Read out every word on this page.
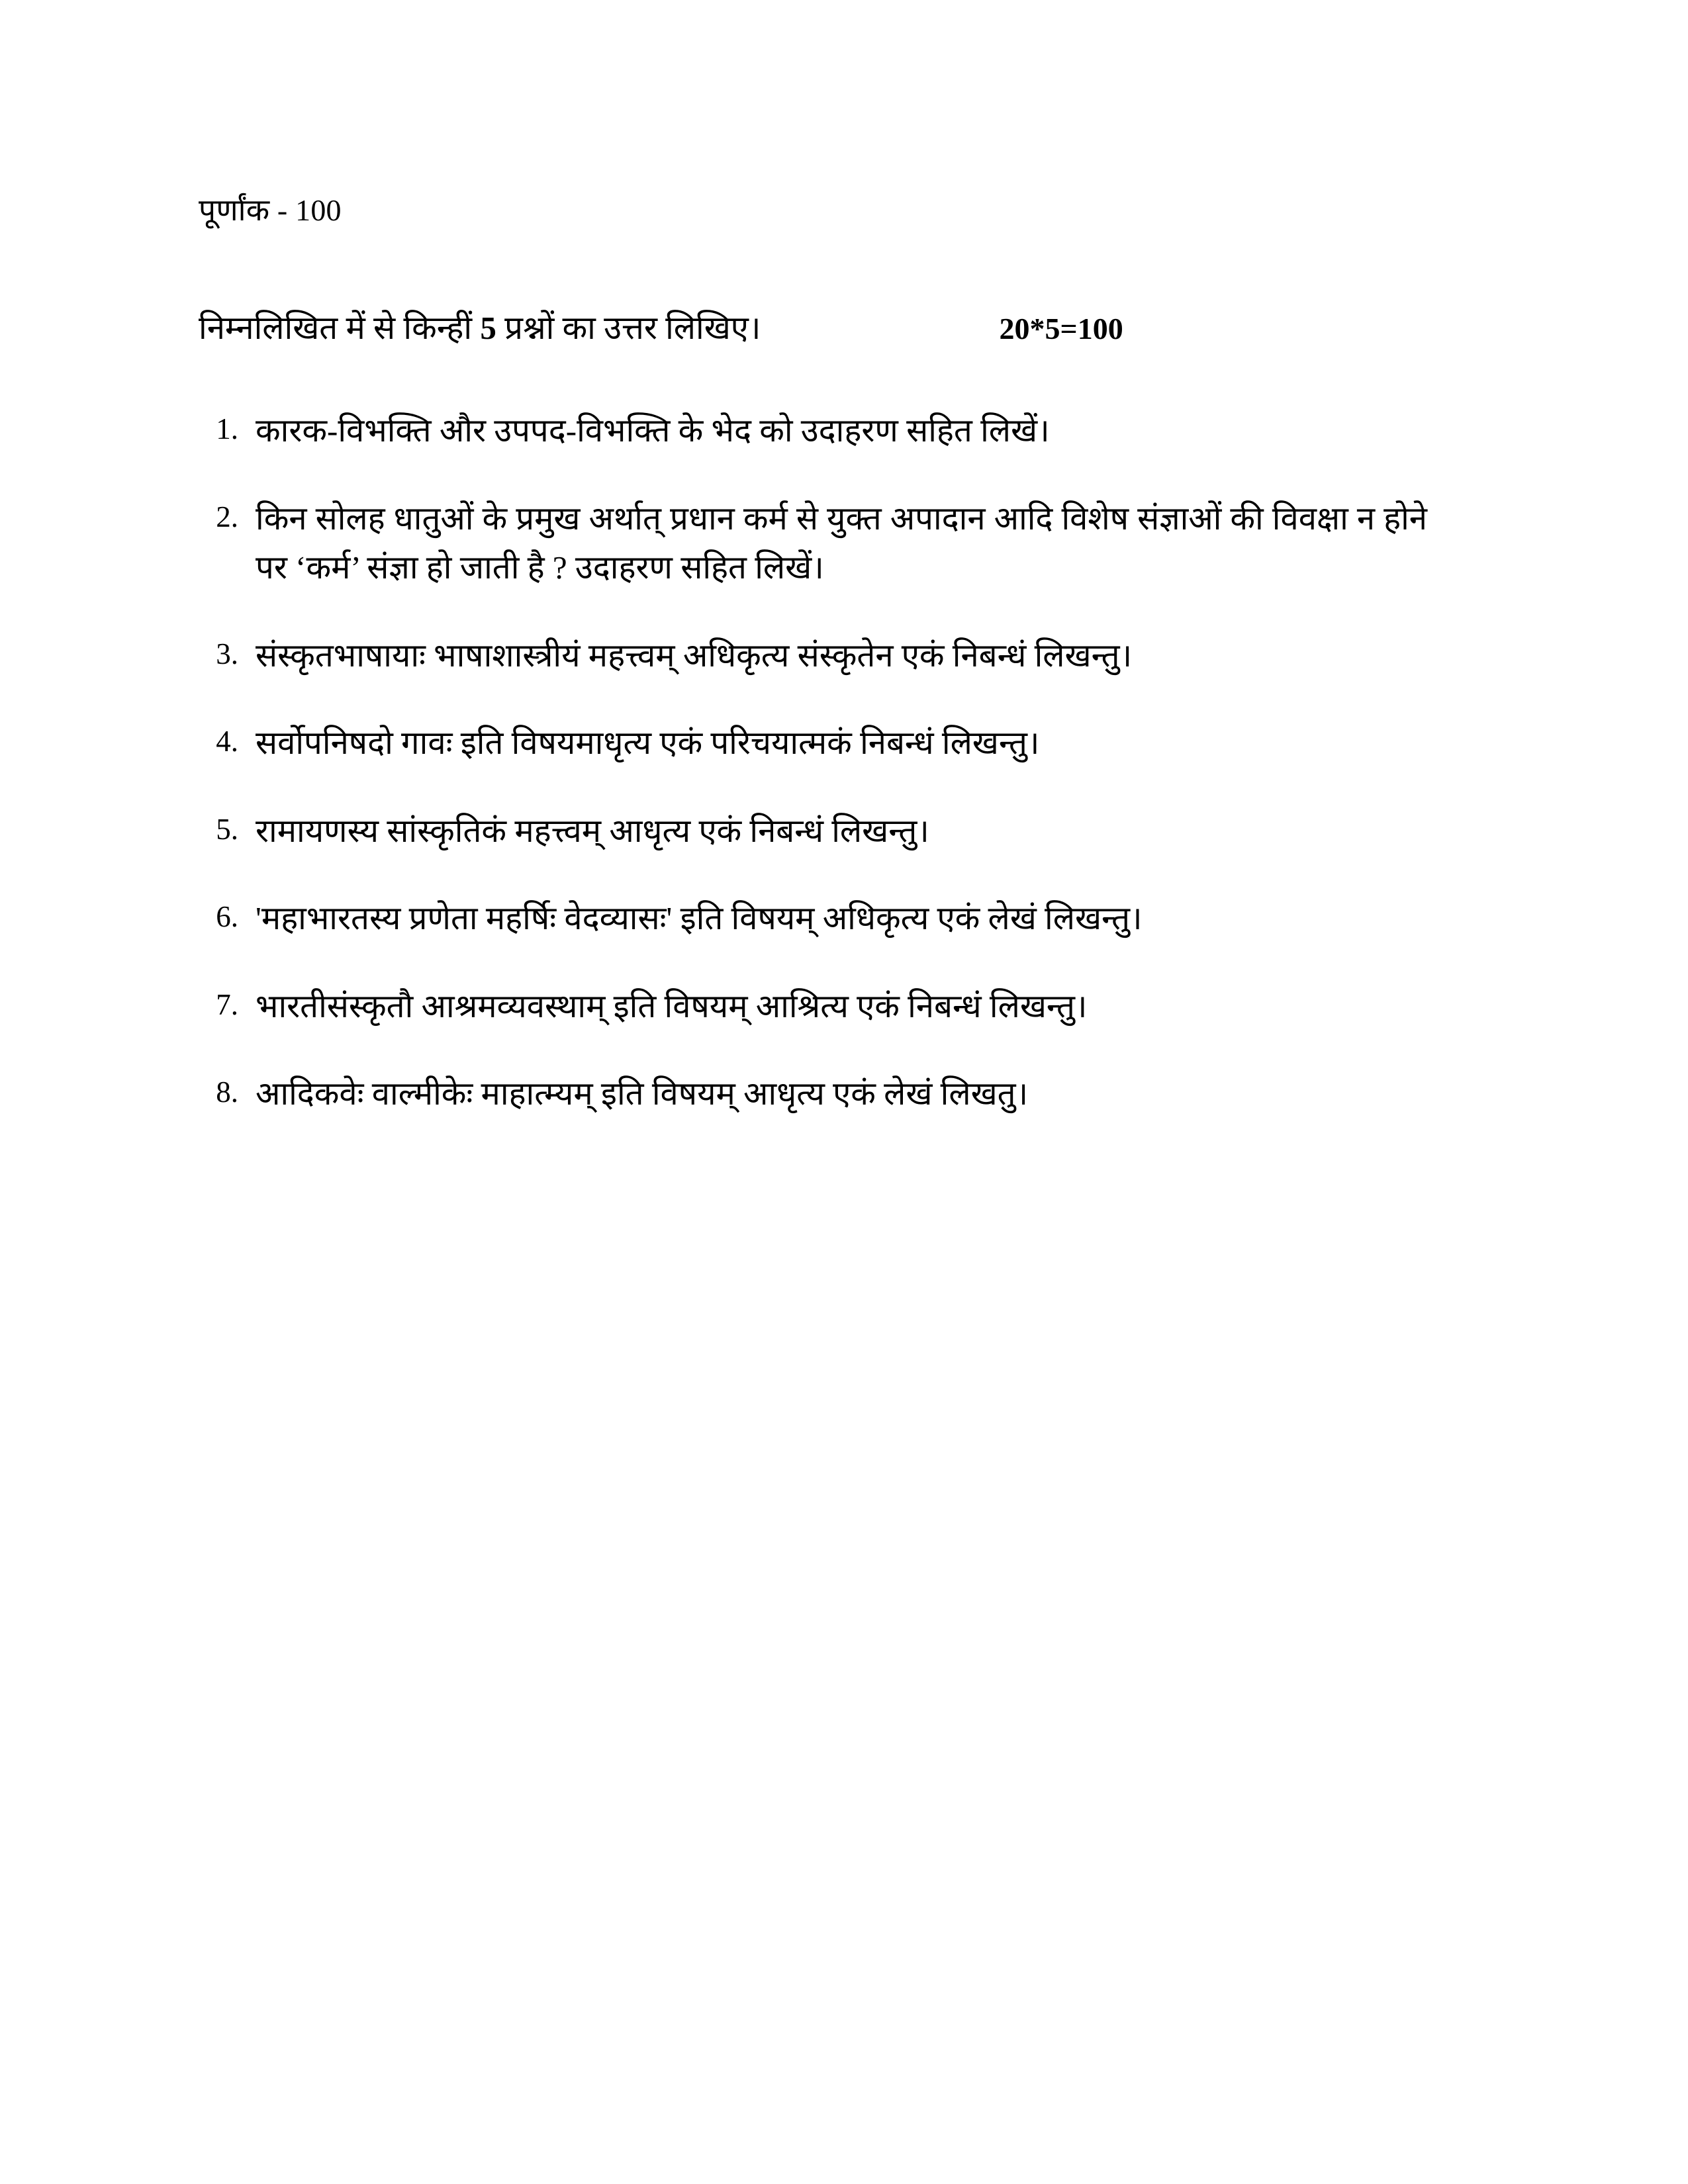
पूर्णांक - 100
निम्नलिखित में से किन्हीं 5 प्रश्नों का उत्तर लिखिए।	20*5=100
1. कारक-विभक्ति और उपपद-विभक्ति के भेद को उदाहरण सहित लिखें।
2. किन सोलह धातुओं के प्रमुख अर्थात् प्रधान कर्म से युक्त अपादान आदि विशेष संज्ञाओं की विवक्षा न होने पर ‘कर्म’ संज्ञा हो जाती है ? उदाहरण सहित लिखें।
3. संस्कृतभाषायाः भाषाशास्त्रीयं महत्त्वम् अधिकृत्य संस्कृतेन एकं निबन्धं लिखन्तु।
4. सर्वोपनिषदो गावः इति विषयमाधृत्य एकं परिचयात्मकं निबन्धं लिखन्तु।
5. रामायणस्य सांस्कृतिकं महत्त्वम् आधृत्य एकं निबन्धं लिखन्तु।
6. 'महाभारतस्य प्रणेता महर्षिः वेदव्यासः' इति विषयम् अधिकृत्य एकं लेखं लिखन्तु।
7. भारतीसंस्कृतौ आश्रमव्यवस्थाम् इति विषयम् आश्रित्य एकं निबन्धं लिखन्तु।
8. आदिकवेः वाल्मीकेः माहात्म्यम् इति विषयम् आधृत्य एकं लेखं लिखतु।
